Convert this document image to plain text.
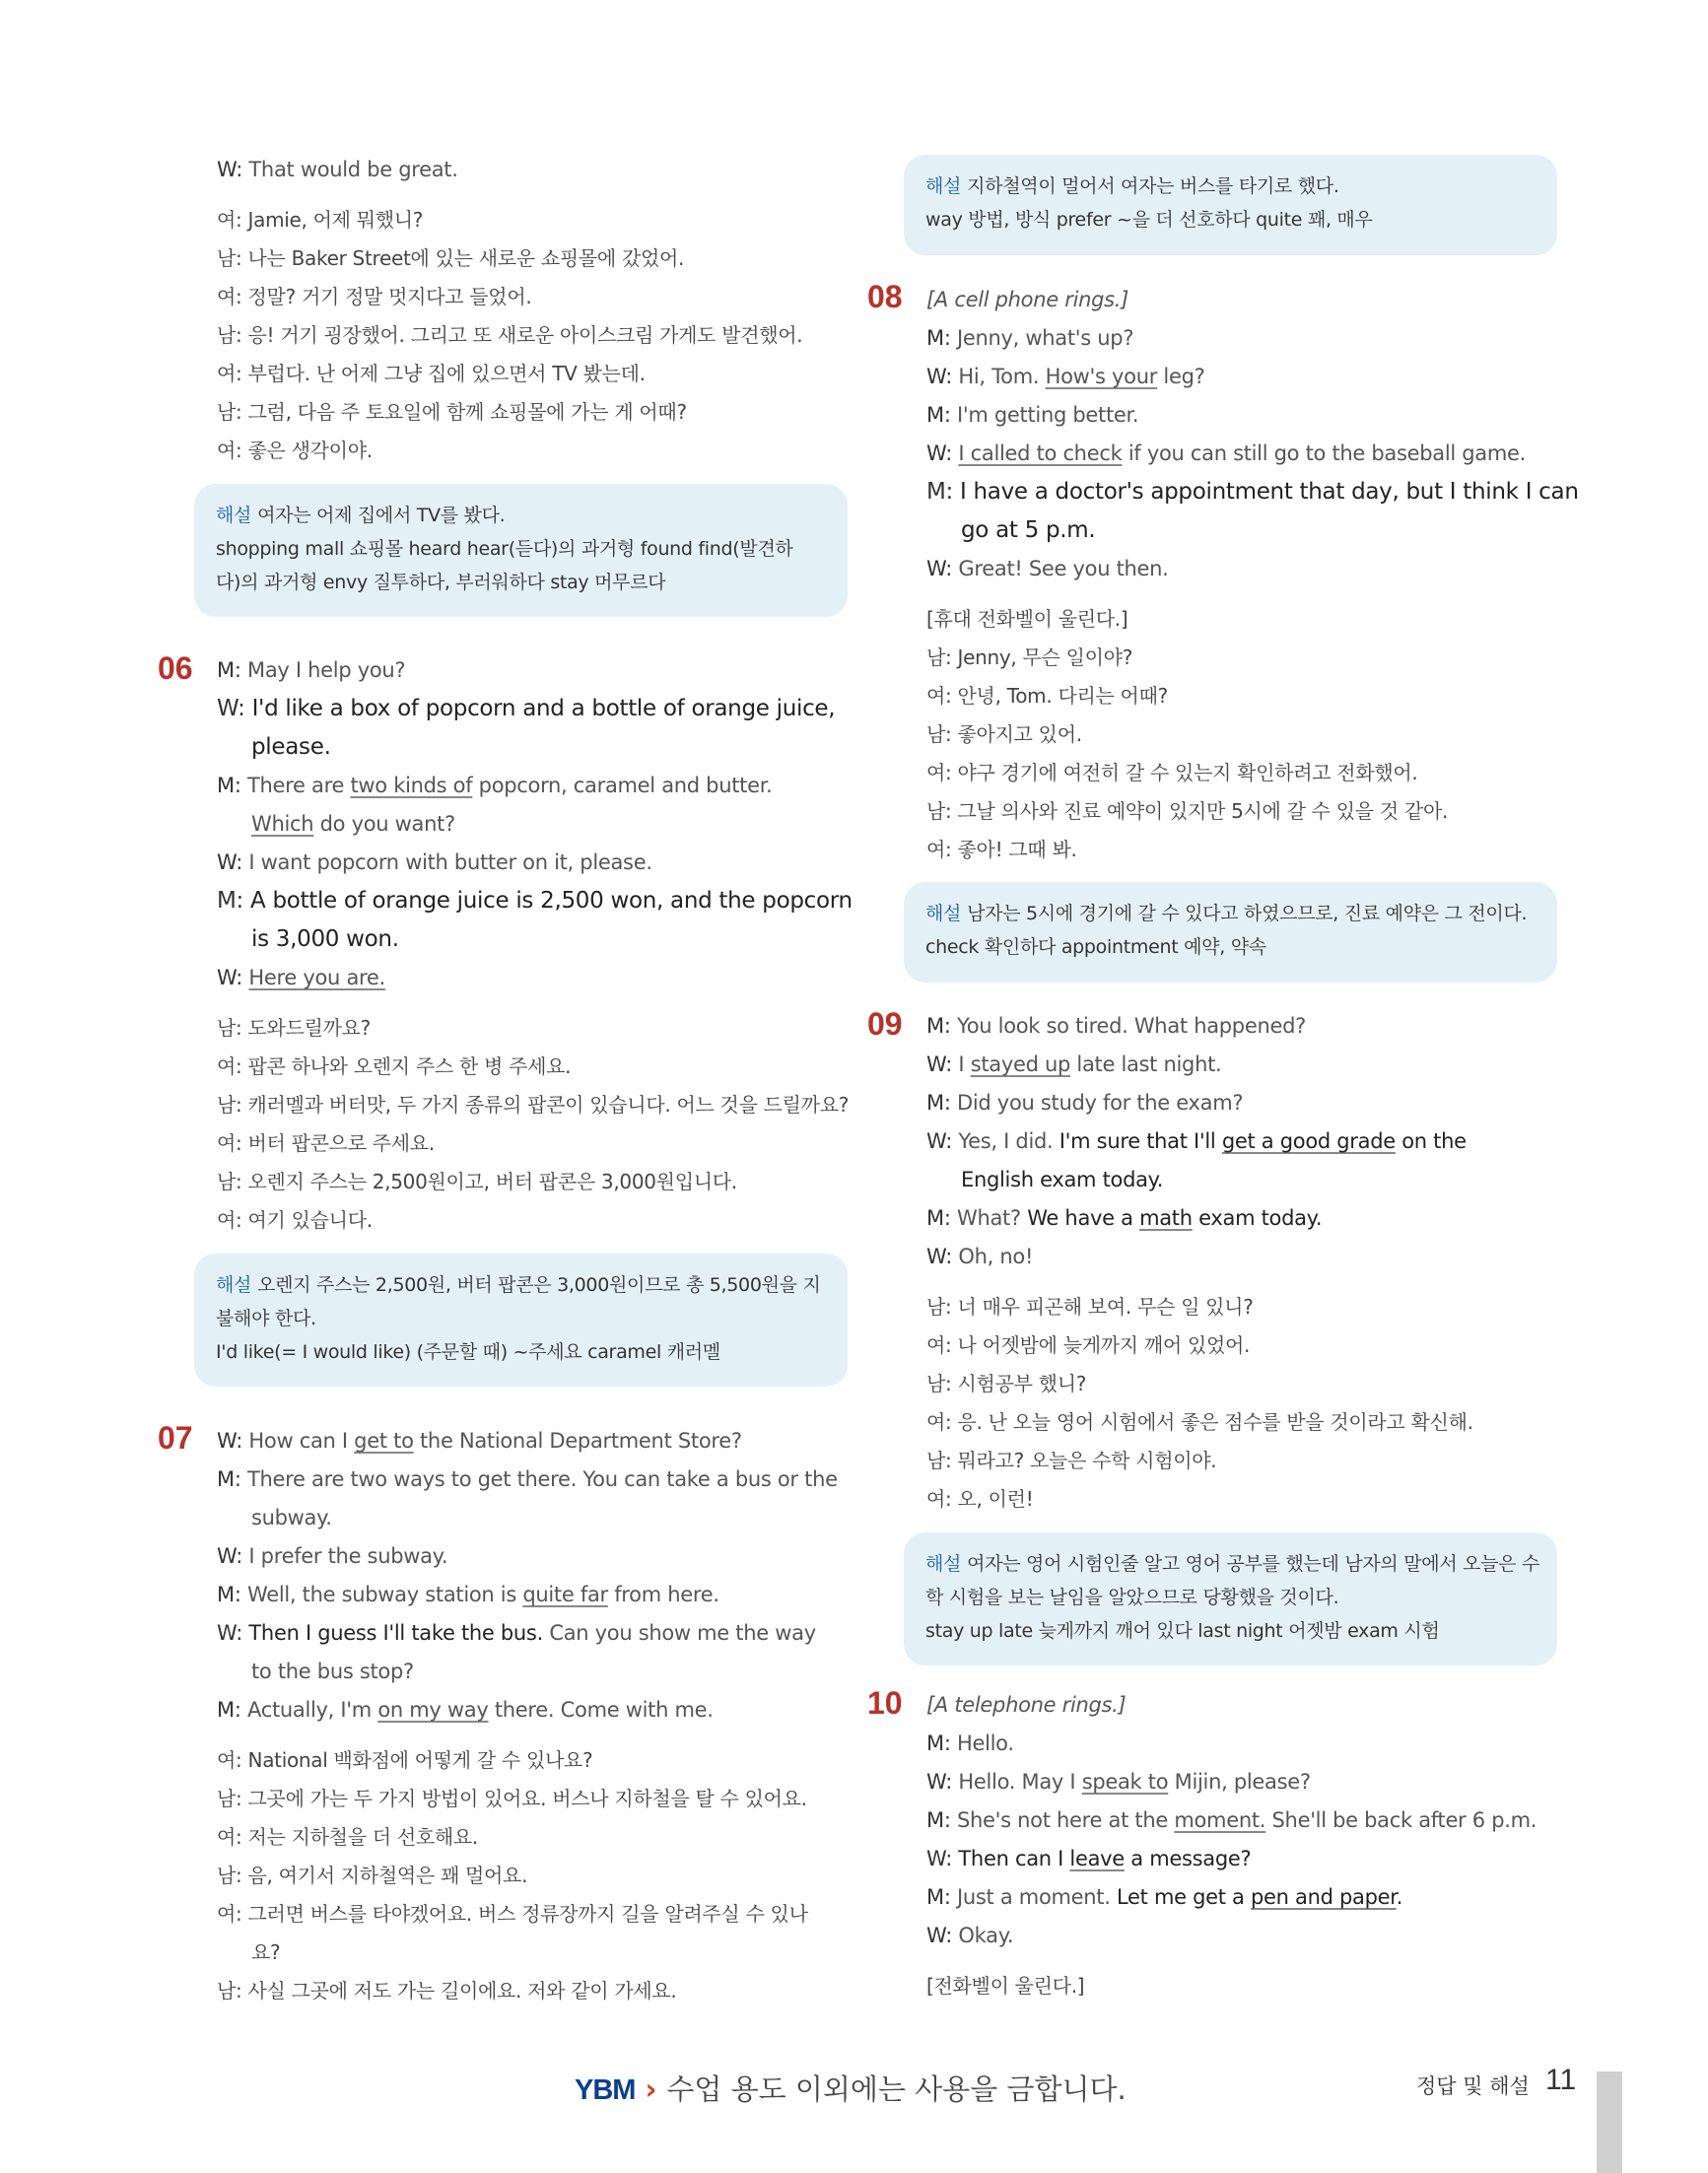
W: That would be great.
여: Jamie, 어제 뭐했니?
남: 나는 Baker Street에 있는 새로운 쇼핑몰에 갔었어.
여: 정말? 거기 정말 멋지다고 들었어.
남: 응! 거기 굉장했어. 그리고 또 새로운 아이스크림 가게도 발견했어.
여: 부럽다. 난 어제 그냥 집에 있으면서 TV 봤는데.
남: 그럼, 다음 주 토요일에 함께 쇼핑몰에 가는 게 어때?
여: 좋은 생각이야.
해설 여자는 어제 집에서 TV를 봤다.
shopping mall 쇼핑몰 heard hear(듣다)의 과거형 found find(발견하
다)의 과거형 envy 질투하다, 부러워하다 stay 머무르다
06 M: May I help you?
W: I'd like a box of popcorn and a bottle of orange juice,
please.
M: There are two kinds of popcorn, caramel and butter.
Which do you want?
W: I want popcorn with butter on it, please.
M: A bottle of orange juice is 2,500 won, and the popcorn
is 3,000 won.
W: Here you are.
남: 도와드릴까요?
여: 팝콘 하나와 오렌지 주스 한 병 주세요.
남: 캐러멜과 버터맛, 두 가지 종류의 팝콘이 있습니다. 어느 것을 드릴까요?
여: 버터 팝콘으로 주세요.
남: 오렌지 주스는 2,500원이고, 버터 팝콘은 3,000원입니다.
여: 여기 있습니다.
해설 오렌지 주스는 2,500원, 버터 팝콘은 3,000원이므로 총 5,500원을 지
불해야 한다.
I'd like(= I would like) (주문할 때) ~주세요 caramel 캐러멜
07 W: How can I get to the National Department Store?
M: There are two ways to get there. You can take a bus or the
subway.
W: I prefer the subway.
M: Well, the subway station is quite far from here.
W: Then I guess I'll take the bus. Can you show me the way
to the bus stop?
M: Actually, I'm on my way there. Come with me.
여: National 백화점에 어떻게 갈 수 있나요?
남: 그곳에 가는 두 가지 방법이 있어요. 버스나 지하철을 탈 수 있어요.
여: 저는 지하철을 더 선호해요.
남: 음, 여기서 지하철역은 꽤 멀어요.
여: 그러면 버스를 타야겠어요. 버스 정류장까지 길을 알려주실 수 있나
요?
남: 사실 그곳에 저도 가는 길이에요. 저와 같이 가세요.
해설 지하철역이 멀어서 여자는 버스를 타기로 했다.
way 방법, 방식 prefer ~을 더 선호하다 quite 꽤, 매우
08 [A cell phone rings.]
M: Jenny, what's up?
W: Hi, Tom. How's your leg?
M: I'm getting better.
W: I called to check if you can still go to the baseball game.
M: I have a doctor's appointment that day, but I think I can
go at 5 p.m.
W: Great! See you then.
[휴대 전화벨이 울린다.]
남: Jenny, 무슨 일이야?
여: 안녕, Tom. 다리는 어때?
남: 좋아지고 있어.
여: 야구 경기에 여전히 갈 수 있는지 확인하려고 전화했어.
남: 그날 의사와 진료 예약이 있지만 5시에 갈 수 있을 것 같아.
여: 좋아! 그때 봐.
해설 남자는 5시에 경기에 갈 수 있다고 하였으므로, 진료 예약은 그 전이다.
check 확인하다 appointment 예약, 약속
09 M: You look so tired. What happened?
W: I stayed up late last night.
M: Did you study for the exam?
W: Yes, I did. I'm sure that I'll get a good grade on the
English exam today.
M: What? We have a math exam today.
W: Oh, no!
남: 너 매우 피곤해 보여. 무슨 일 있니?
여: 나 어젯밤에 늦게까지 깨어 있었어.
남: 시험공부 했니?
여: 응. 난 오늘 영어 시험에서 좋은 점수를 받을 것이라고 확신해.
남: 뭐라고? 오늘은 수학 시험이야.
여: 오, 이런!
해설 여자는 영어 시험인줄 알고 영어 공부를 했는데 남자의 말에서 오늘은 수
학 시험을 보는 날임을 알았으므로 당황했을 것이다.
stay up late 늦게까지 깨어 있다 last night 어젯밤 exam 시험
10 [A telephone rings.]
M: Hello.
W: Hello. May I speak to Mijin, please?
M: She's not here at the moment. She'll be back after 6 p.m.
W: Then can I leave a message?
M: Just a moment. Let me get a pen and paper.
W: Okay.
[전화벨이 울린다.]
YBM › 수업 용도 이외에는 사용을 금합니다.	정답 및 해설 11
